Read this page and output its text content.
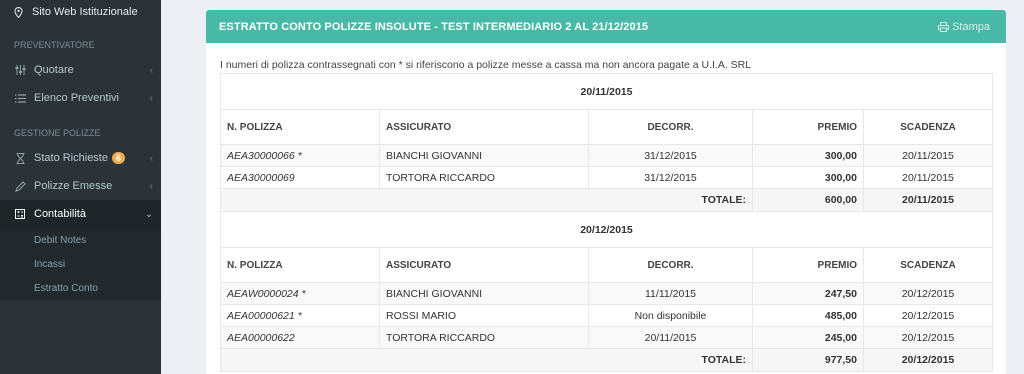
Sito Web Istituzionale
PREVENTIVATORE
Quotare	‹
Elenco Preventivi	‹
GESTIONE POLIZZE
Stato Richieste 6	‹
Polizze Emesse	‹
Contabilità	⌄
Debit Notes
Incassi
Estratto Conto
ESTRATTO CONTO POLIZZE INSOLUTE - TEST INTERMEDIARIO 2 AL 21/12/2015	Stampa
I numeri di polizza contrassegnati con * si riferiscono a polizze messe a cassa ma non ancora pagate a U.I.A. SRL
20/11/2015				
N. POLIZZA	ASSICURATO	DECORR.	PREMIO	SCADENZA
AEA30000066 *	BIANCHI GIOVANNI	31/12/2015	300,00	20/11/2015
AEA30000069	TORTORA RICCARDO	31/12/2015	300,00	20/11/2015
TOTALE:			600,00	20/11/2015
20/12/2015				
N. POLIZZA	ASSICURATO	DECORR.	PREMIO	SCADENZA
AEAW0000024 *	BIANCHI GIOVANNI	11/11/2015	247,50	20/12/2015
AEA00000621 *	ROSSI MARIO	Non disponibile	485,00	20/12/2015
AEA00000622	TORTORA RICCARDO	20/11/2015	245,00	20/12/2015
TOTALE:			977,50	20/12/2015
